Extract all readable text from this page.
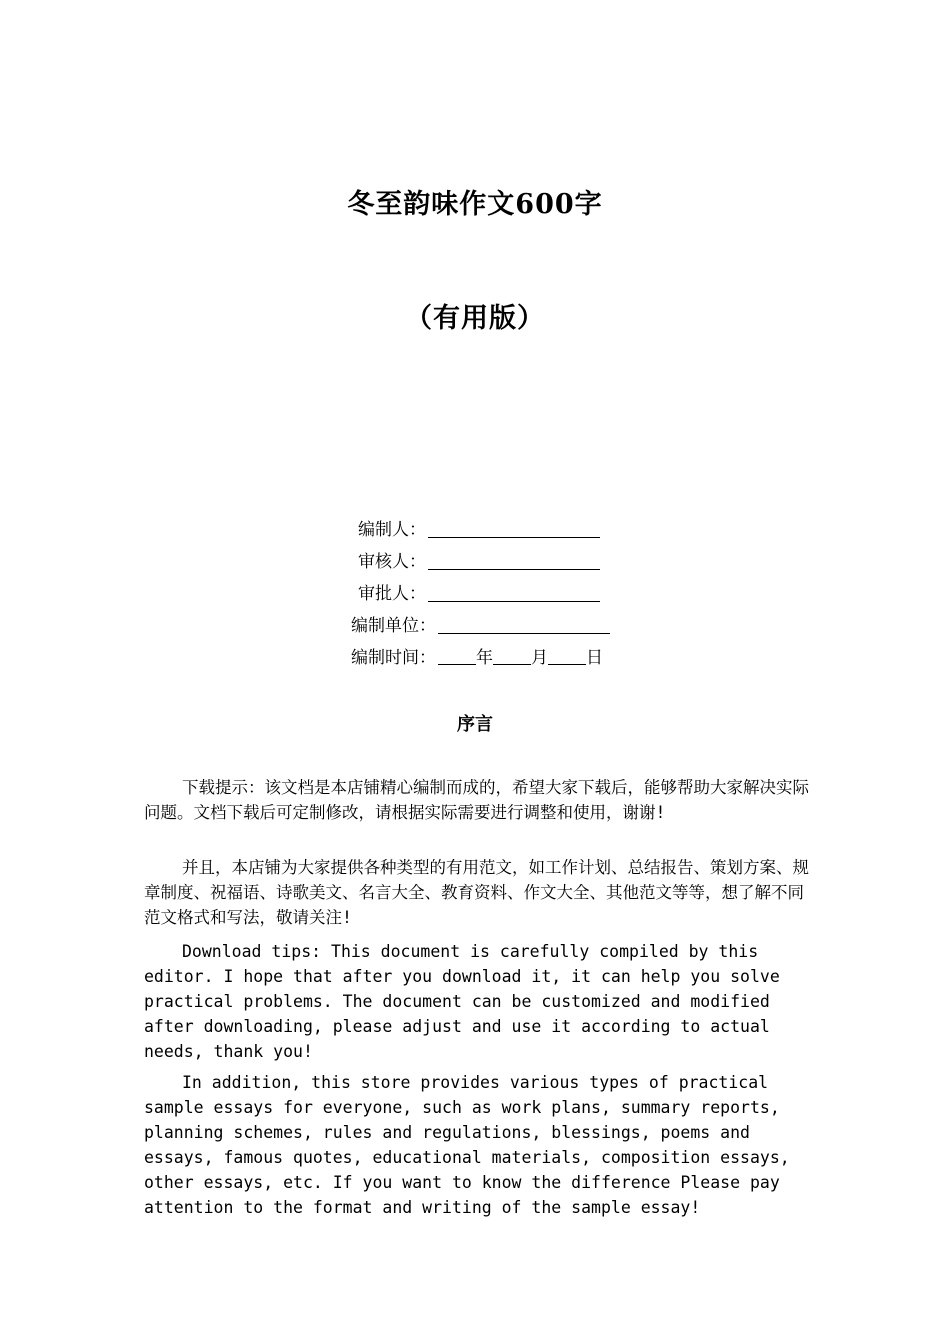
冬至韵味作文600字
（有用版）
编制人：
审核人：
审批人：
编制单位：
编制时间：	年 月 日
序言

下载提示：该文档是本店铺精心编制而成的，希望大家下载后，能够帮助大家解决实际问题。文档下载后可定制修改，请根据实际需要进行调整和使用，谢谢!

并且，本店铺为大家提供各种类型的有用范文，如工作计划、总结报告、策划方案、规章制度、祝福语、诗歌美文、名言大全、教育资料、作文大全、其他范文等等，想了解不同范文格式和写法，敬请关注!

Download tips: This document is carefully compiled by this editor. I hope that after you download it, it can help you solve practical problems. The document can be customized and modified after downloading, please adjust and use it according to actual needs, thank you!

In addition, this store provides various types of practical sample essays for everyone, such as work plans, summary reports, planning schemes, rules and regulations, blessings, poems and essays, famous quotes, educational materials, composition essays, other essays, etc. If you want to know the difference Please pay attention to the format and writing of the sample essay!
